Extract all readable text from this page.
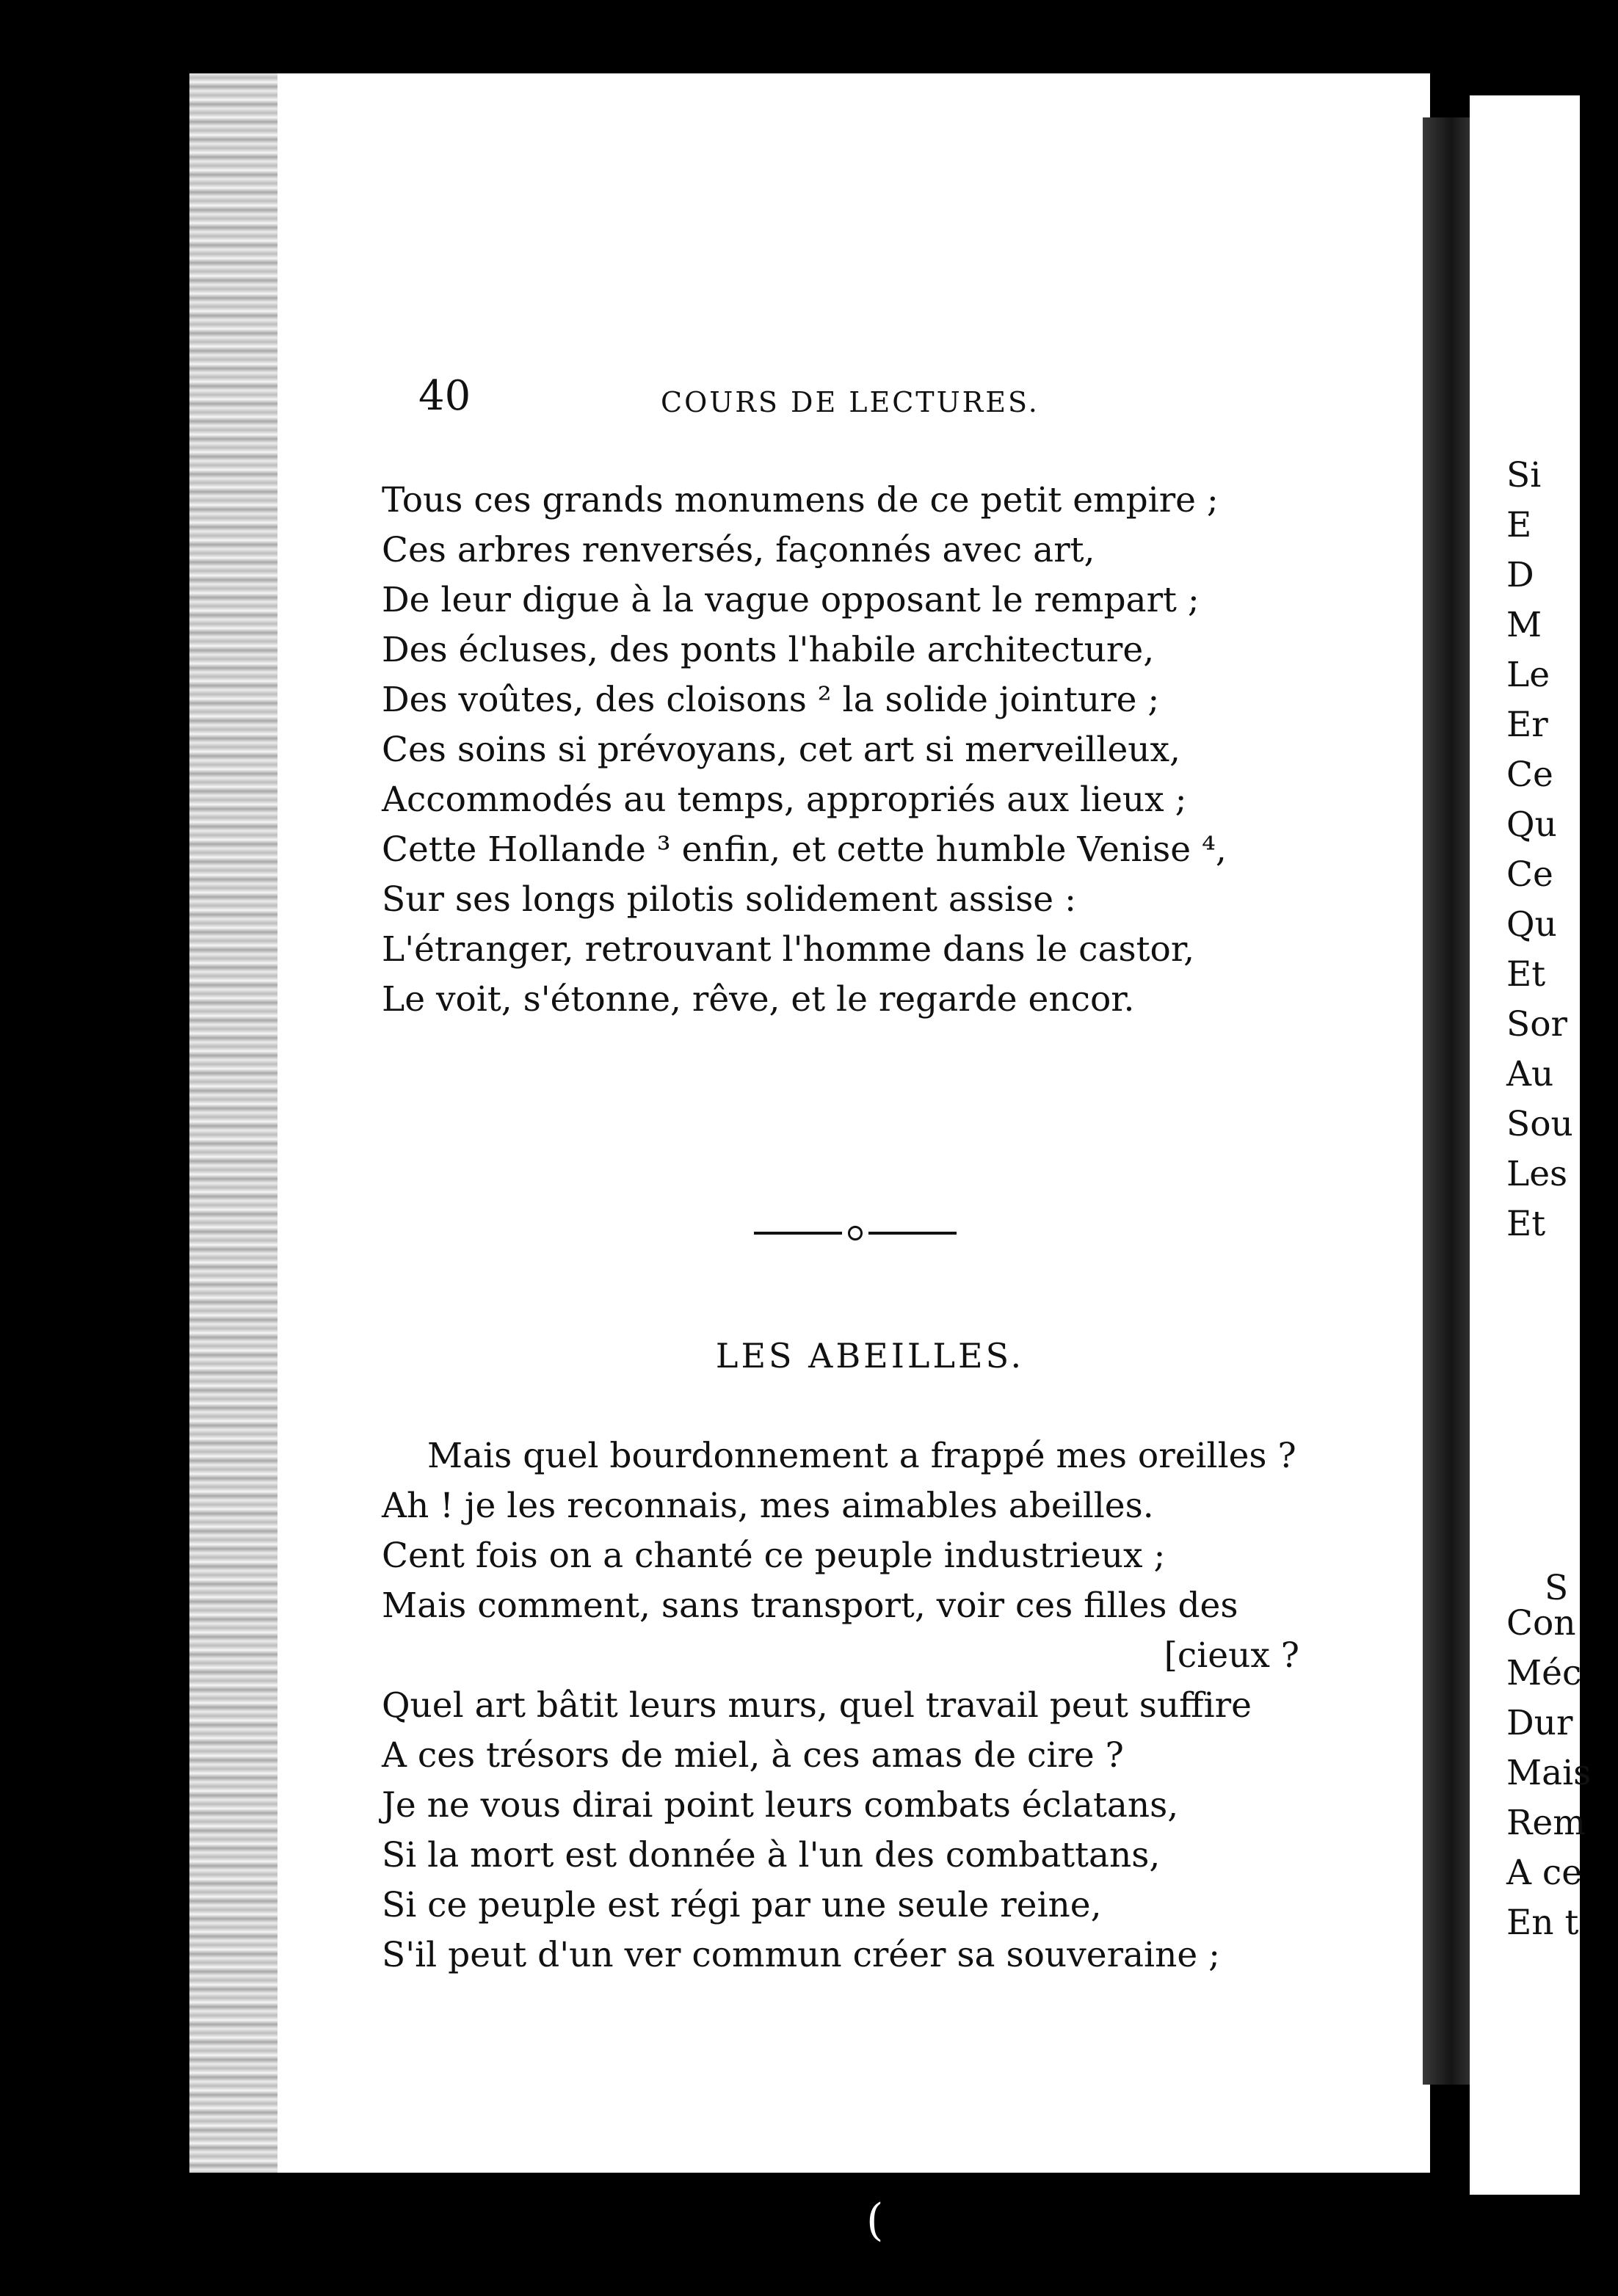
40	COURS DE LECTURES.
Tous ces grands monumens de ce petit empire ;
Ces arbres renversés, façonnés avec art,
De leur digue à la vague opposant le rempart ;
Des écluses, des ponts l'habile architecture,
Des voûtes, des cloisons ² la solide jointure ;
Ces soins si prévoyans, cet art si merveilleux,
Accommodés au temps, appropriés aux lieux ;
Cette Hollande ³ enfin, et cette humble Venise ⁴,
Sur ses longs pilotis solidement assise :
L'étranger, retrouvant l'homme dans le castor,
Le voit, s'étonne, rêve, et le regarde encor.
LES ABEILLES.
Mais quel bourdonnement a frappé mes oreilles ?
Ah ! je les reconnais, mes aimables abeilles.
Cent fois on a chanté ce peuple industrieux ;
Mais comment, sans transport, voir ces filles des
[cieux ?
Quel art bâtit leurs murs, quel travail peut suffire
A ces trésors de miel, à ces amas de cire ?
Je ne vous dirai point leurs combats éclatans,
Si la mort est donnée à l'un des combattans,
Si ce peuple est régi par une seule reine,
S'il peut d'un ver commun créer sa souveraine ;
Si
E
D
M
Le
Er
Ce
Qu
Ce
Qu
Et
Sor
Au
Sou
Les
Et
S
Con
Méc
Dur
Mais
Rem
A ce
En t
(
